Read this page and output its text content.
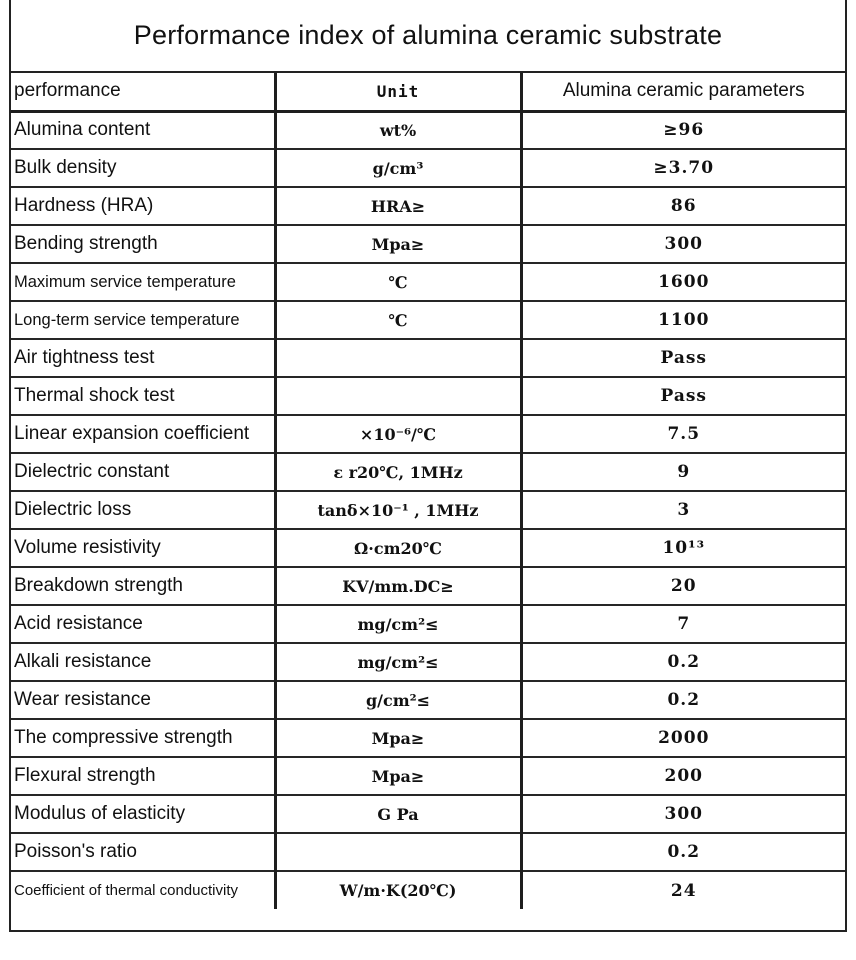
Performance index of alumina ceramic substrate
performance	Unit	Alumina ceramic parameters
Alumina content	wt%	≥96
Bulk density	g/cm³	≥3.70
Hardness (HRA)	HRA≥	86
Bending strength	Mpa≥	300
Maximum service temperature	℃	1600
Long-term service temperature	℃	1100
Air tightness test		Pass
Thermal shock test		Pass
Linear expansion coefficient	×10⁻⁶/℃	7.5
Dielectric constant	ε r20℃, 1MHz	9
Dielectric loss	tanδ×10⁻¹ , 1MHz	3
Volume resistivity	Ω·cm20℃	10¹³
Breakdown strength	KV/mm.DC≥	20
Acid resistance	mg/cm²≤	7
Alkali resistance	mg/cm²≤	0.2
Wear resistance	g/cm²≤	0.2
The compressive strength	Mpa≥	2000
Flexural strength	Mpa≥	200
Modulus of elasticity	G Pa	300
Poisson's ratio		0.2
Coefficient of thermal conductivity	W/m·K(20℃)	24
